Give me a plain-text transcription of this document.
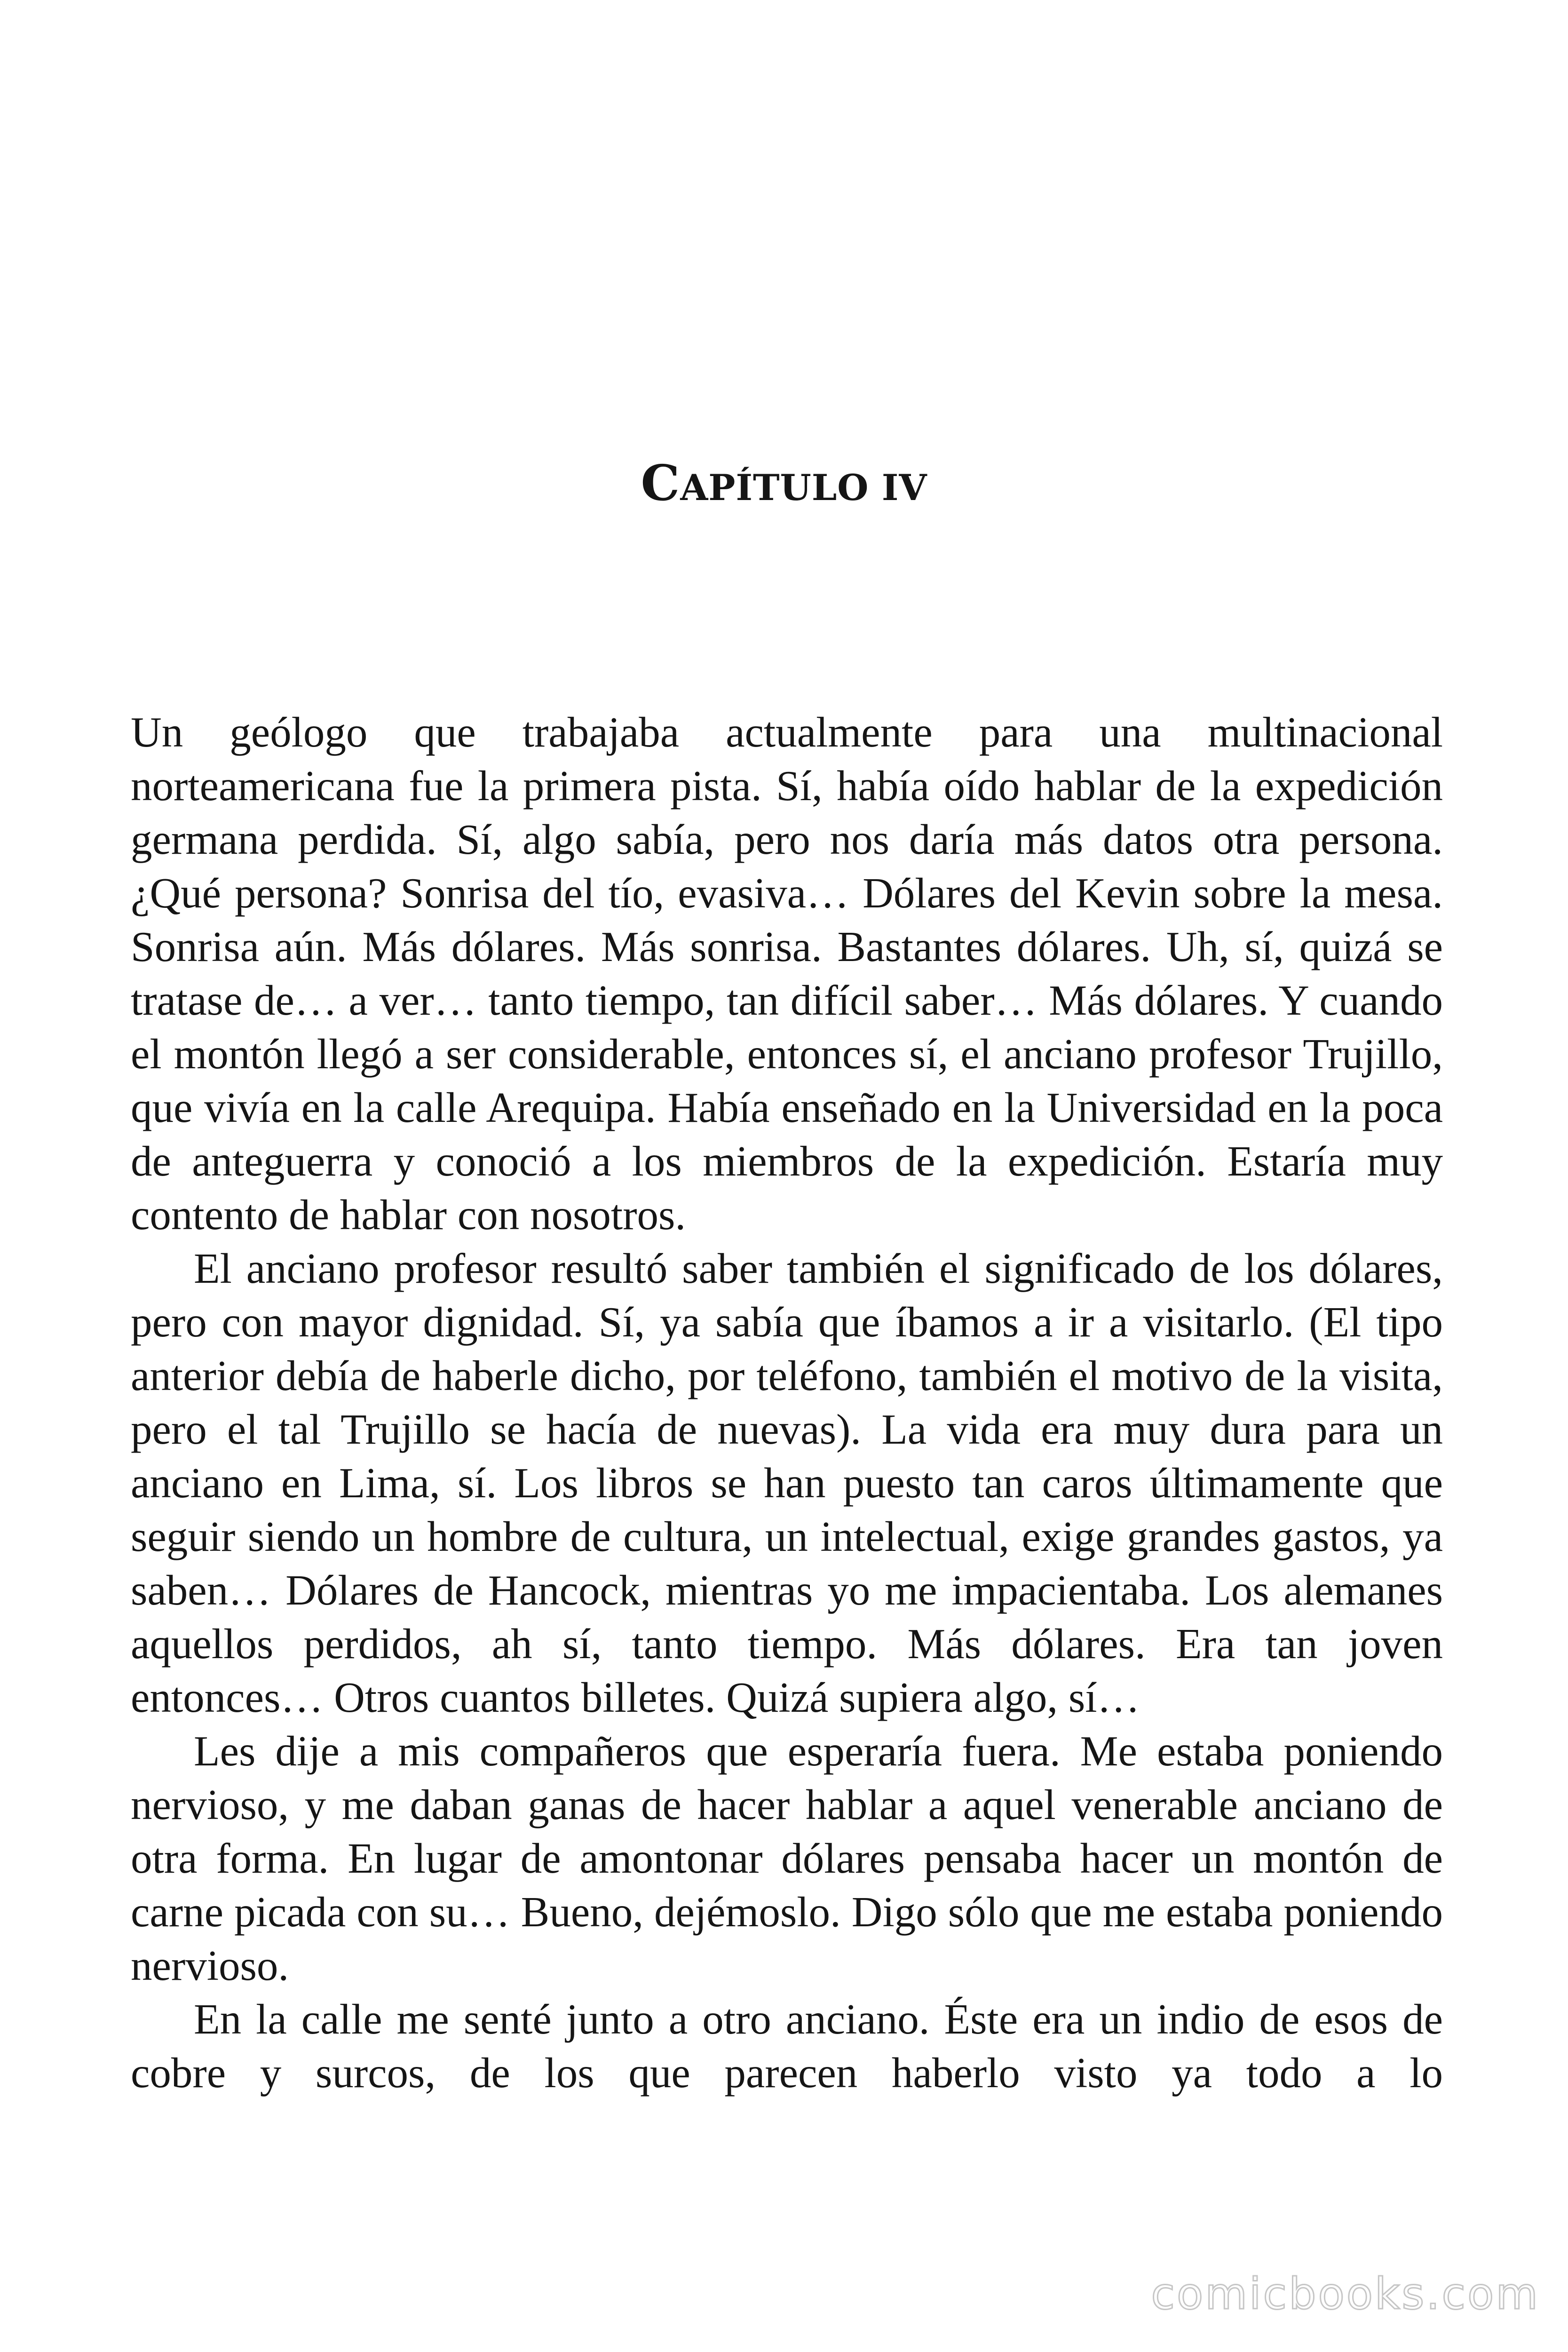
CAPÍTULO IV

Un geólogo que trabajaba actualmente para una multinacional norteamericana fue la primera pista. Sí, había oído hablar de la expedición germana perdida. Sí, algo sabía, pero nos daría más datos otra persona. ¿Qué persona? Sonrisa del tío, evasiva… Dólares del Kevin sobre la mesa. Sonrisa aún. Más dólares. Más sonrisa. Bastantes dólares. Uh, sí, quizá se tratase de… a ver… tanto tiempo, tan difícil saber… Más dólares. Y cuando el montón llegó a ser considerable, entonces sí, el anciano profesor Trujillo, que vivía en la calle Arequipa. Había enseñado en la Universidad en la poca de anteguerra y conoció a los miembros de la expedición. Estaría muy contento de hablar con nosotros.

El anciano profesor resultó saber también el significado de los dólares, pero con mayor dignidad. Sí, ya sabía que íbamos a ir a visitarlo. (El tipo anterior debía de haberle dicho, por teléfono, también el motivo de la visita, pero el tal Trujillo se hacía de nuevas). La vida era muy dura para un anciano en Lima, sí. Los libros se han puesto tan caros últimamente que seguir siendo un hombre de cultura, un intelectual, exige grandes gastos, ya saben… Dólares de Hancock, mientras yo me impacientaba. Los alemanes aquellos perdidos, ah sí, tanto tiempo. Más dólares. Era tan joven entonces… Otros cuantos billetes. Quizá supiera algo, sí…

Les dije a mis compañeros que esperaría fuera. Me estaba poniendo nervioso, y me daban ganas de hacer hablar a aquel venerable anciano de otra forma. En lugar de amontonar dólares pensaba hacer un montón de carne picada con su… Bueno, dejémoslo. Digo sólo que me estaba poniendo nervioso.

En la calle me senté junto a otro anciano. Éste era un indio de esos de cobre y surcos, de los que parecen haberlo visto ya todo a lo

comicbooks.com
